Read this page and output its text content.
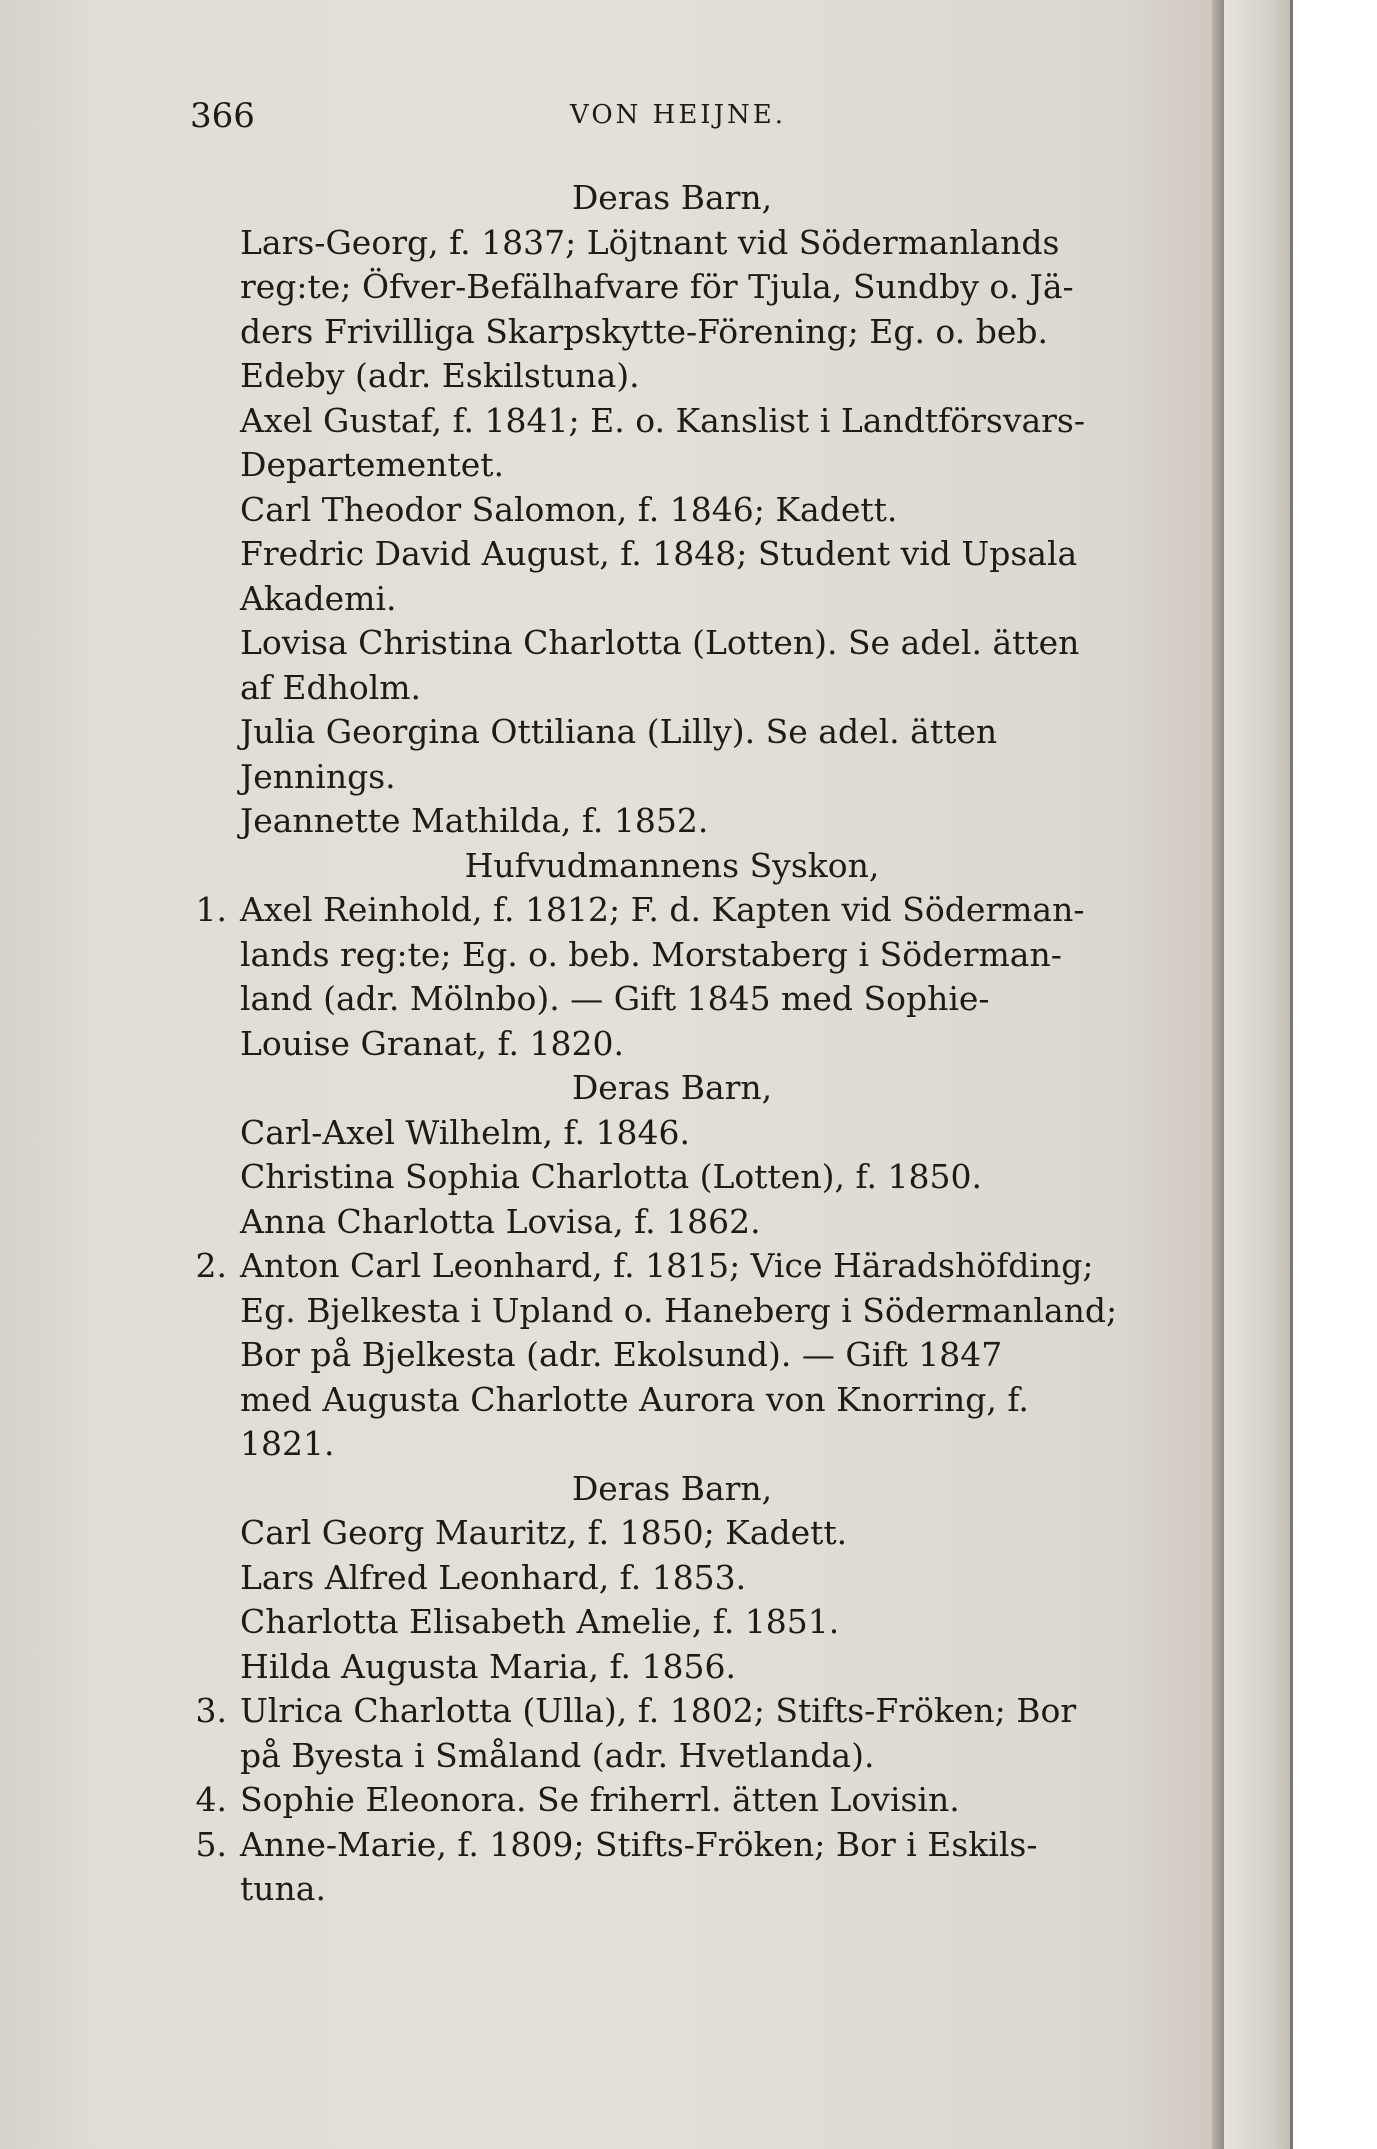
366	VON HEIJNE.
Deras Barn,
Lars-Georg, f. 1837; Löjtnant vid Södermanlands
reg:te; Öfver-Befälhafvare för Tjula, Sundby o. Jä-
ders Frivilliga Skarpskytte-Förening; Eg. o. beb.
Edeby (adr. Eskilstuna).
Axel Gustaf, f. 1841; E. o. Kanslist i Landtförsvars-
Departementet.
Carl Theodor Salomon, f. 1846; Kadett.
Fredric David August, f. 1848; Student vid Upsala
Akademi.
Lovisa Christina Charlotta (Lotten). Se adel. ätten
af Edholm.
Julia Georgina Ottiliana (Lilly). Se adel. ätten
Jennings.
Jeannette Mathilda, f. 1852.
Hufvudmannens Syskon,
1. Axel Reinhold, f. 1812; F. d. Kapten vid Söderman-
lands reg:te; Eg. o. beb. Morstaberg i Söderman-
land (adr. Mölnbo). — Gift 1845 med Sophie-
Louise Granat, f. 1820.
Deras Barn,
Carl-Axel Wilhelm, f. 1846.
Christina Sophia Charlotta (Lotten), f. 1850.
Anna Charlotta Lovisa, f. 1862.
2. Anton Carl Leonhard, f. 1815; Vice Häradshöfding;
Eg. Bjelkesta i Upland o. Haneberg i Södermanland;
Bor på Bjelkesta (adr. Ekolsund). — Gift 1847
med Augusta Charlotte Aurora von Knorring, f.
1821.
Deras Barn,
Carl Georg Mauritz, f. 1850; Kadett.
Lars Alfred Leonhard, f. 1853.
Charlotta Elisabeth Amelie, f. 1851.
Hilda Augusta Maria, f. 1856.
3. Ulrica Charlotta (Ulla), f. 1802; Stifts-Fröken; Bor
på Byesta i Småland (adr. Hvetlanda).
4. Sophie Eleonora. Se friherrl. ätten Lovisin.
5. Anne-Marie, f. 1809; Stifts-Fröken; Bor i Eskils-
tuna.
